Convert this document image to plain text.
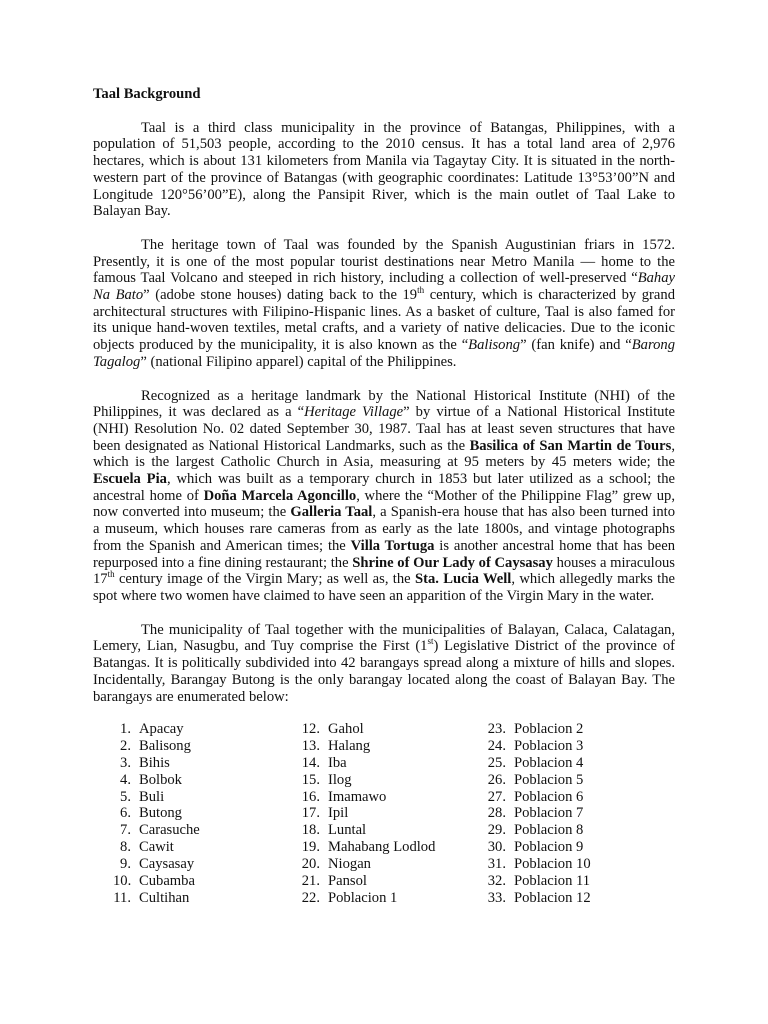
Taal Background

Taal is a third class municipality in the province of Batangas, Philippines, with a population of 51,503 people, according to the 2010 census. It has a total land area of 2,976 hectares, which is about 131 kilometers from Manila via Tagaytay City. It is situated in the north-western part of the province of Batangas (with geographic coordinates: Latitude 13°53’00”N and Longitude 120°56’00”E), along the Pansipit River, which is the main outlet of Taal Lake to Balayan Bay.

The heritage town of Taal was founded by the Spanish Augustinian friars in 1572. Presently, it is one of the most popular tourist destinations near Metro Manila — home to the famous Taal Volcano and steeped in rich history, including a collection of well-preserved “Bahay Na Bato” (adobe stone houses) dating back to the 19th century, which is characterized by grand architectural structures with Filipino-Hispanic lines. As a basket of culture, Taal is also famed for its unique hand-woven textiles, metal crafts, and a variety of native delicacies. Due to the iconic objects produced by the municipality, it is also known as the “Balisong” (fan knife) and “Barong Tagalog” (national Filipino apparel) capital of the Philippines.

Recognized as a heritage landmark by the National Historical Institute (NHI) of the Philippines, it was declared as a “Heritage Village” by virtue of a National Historical Institute (NHI) Resolution No. 02 dated September 30, 1987. Taal has at least seven structures that have been designated as National Historical Landmarks, such as the Basilica of San Martin de Tours, which is the largest Catholic Church in Asia, measuring at 95 meters by 45 meters wide; the Escuela Pia, which was built as a temporary church in 1853 but later utilized as a school; the ancestral home of Doña Marcela Agoncillo, where the “Mother of the Philippine Flag” grew up, now converted into museum; the Galleria Taal, a Spanish-era house that has also been turned into a museum, which houses rare cameras from as early as the late 1800s, and vintage photographs from the Spanish and American times; the Villa Tortuga is another ancestral home that has been repurposed into a fine dining restaurant; the Shrine of Our Lady of Caysasay houses a miraculous 17th century image of the Virgin Mary; as well as, the Sta. Lucia Well, which allegedly marks the spot where two women have claimed to have seen an apparition of the Virgin Mary in the water.

The municipality of Taal together with the municipalities of Balayan, Calaca, Calatagan, Lemery, Lian, Nasugbu, and Tuy comprise the First (1st) Legislative District of the province of Batangas. It is politically subdivided into 42 barangays spread along a mixture of hills and slopes. Incidentally, Barangay Butong is the only barangay located along the coast of Balayan Bay. The barangays are enumerated below:

1. Apacay
2. Balisong
3. Bihis
4. Bolbok
5. Buli
6. Butong
7. Carasuche
8. Cawit
9. Caysasay
10. Cubamba
11. Cultihan
12. Gahol
13. Halang
14. Iba
15. Ilog
16. Imamawo
17. Ipil
18. Luntal
19. Mahabang Lodlod
20. Niogan
21. Pansol
22. Poblacion 1
23. Poblacion 2
24. Poblacion 3
25. Poblacion 4
26. Poblacion 5
27. Poblacion 6
28. Poblacion 7
29. Poblacion 8
30. Poblacion 9
31. Poblacion 10
32. Poblacion 11
33. Poblacion 12
